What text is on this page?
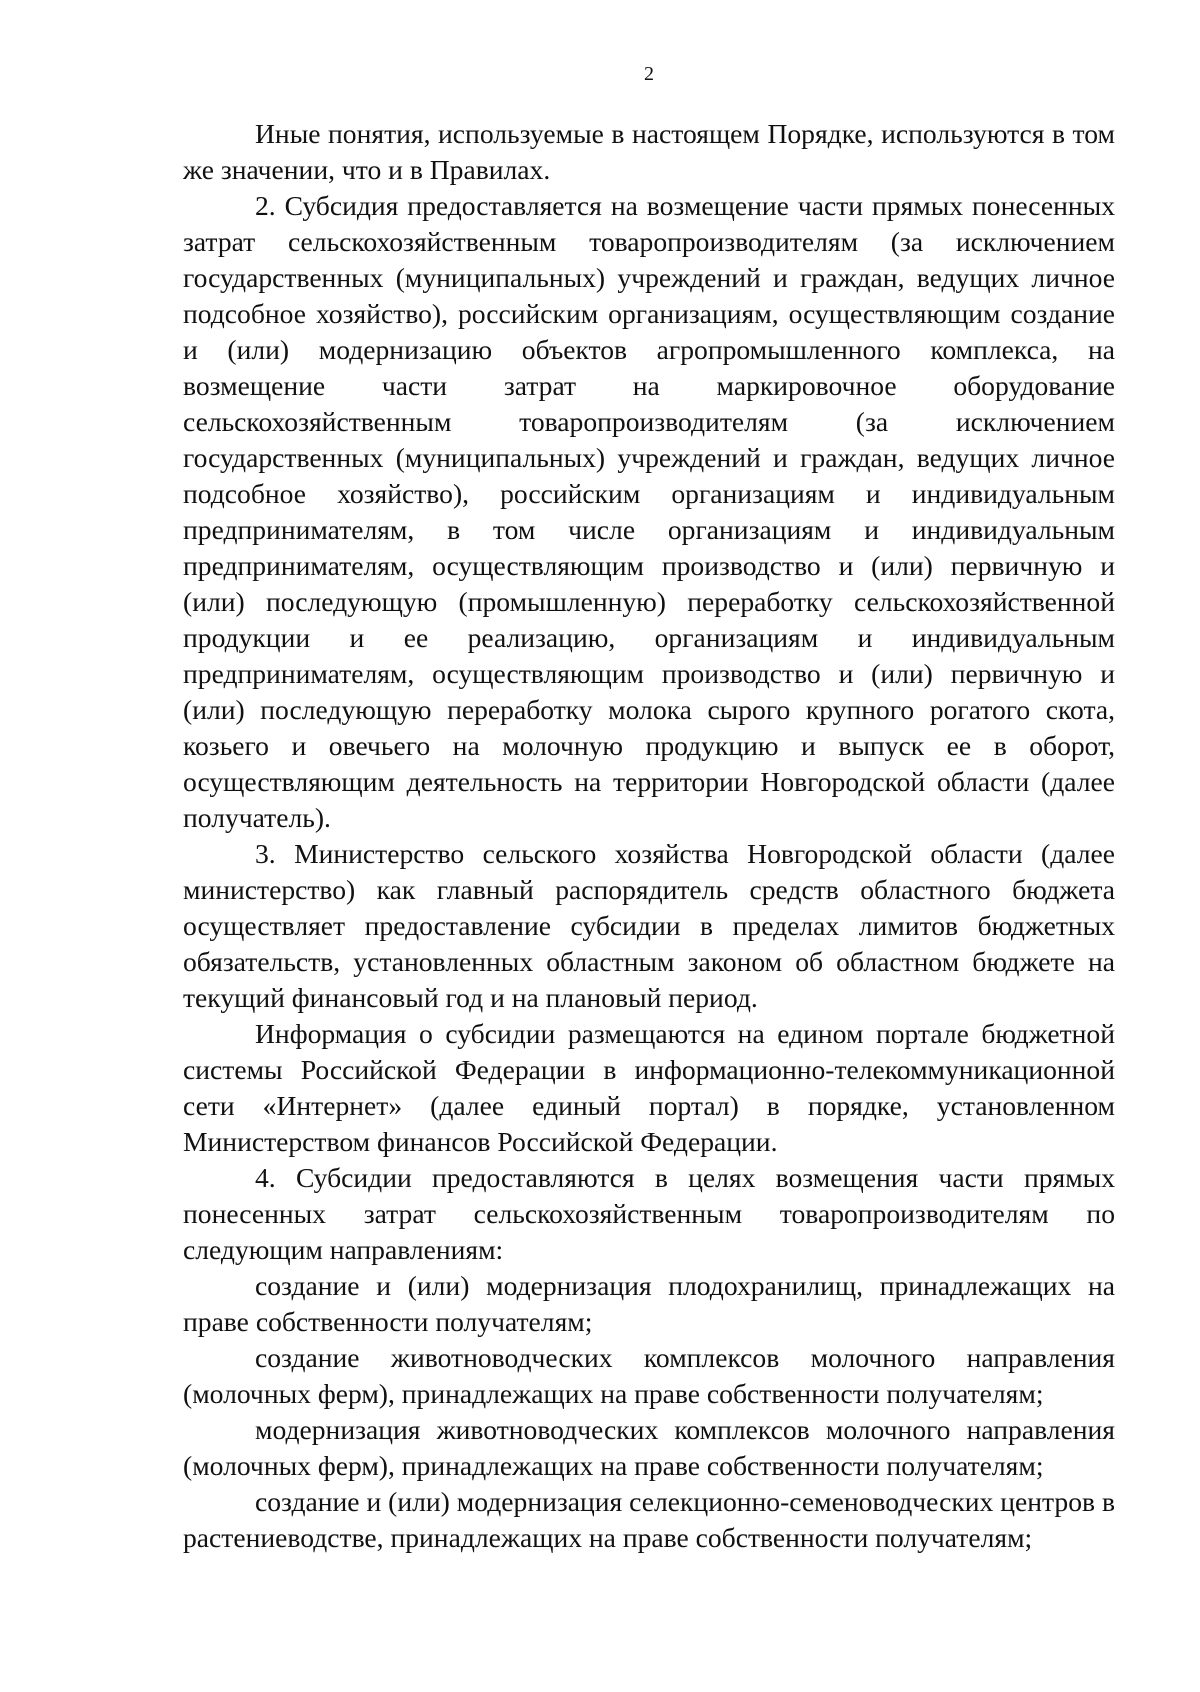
2

Иные понятия, используемые в настоящем Порядке, используются в том же значении, что и в Правилах.

2. Субсидия предоставляется на возмещение части прямых понесенных затрат сельскохозяйственным товаропроизводителям (за исключением государственных (муниципальных) учреждений и граждан, ведущих личное подсобное хозяйство), российским организациям, осуществляющим создание и (или) модернизацию объектов агропромышленного комплекса, на возмещение части затрат на маркировочное оборудование сельскохозяйственным товаропроизводителям (за исключением государственных (муниципальных) учреждений и граждан, ведущих личное подсобное хозяйство), российским организациям и индивидуальным предпринимателям, в том числе организациям и индивидуальным предпринимателям, осуществляющим производство и (или) первичную и (или) последующую (промышленную) переработку сельскохозяйственной продукции и ее реализацию, организациям и индивидуальным предпринимателям, осуществляющим производство и (или) первичную и (или) последующую переработку молока сырого крупного рогатого скота, козьего и овечьего на молочную продукцию и выпуск ее в оборот, осуществляющим деятельность на территории Новгородской области (далее получатель).

3. Министерство сельского хозяйства Новгородской области (далее министерство) как главный распорядитель средств областного бюджета осуществляет предоставление субсидии в пределах лимитов бюджетных обязательств, установленных областным законом об областном бюджете на текущий финансовый год и на плановый период.

Информация о субсидии размещаются на едином портале бюджетной системы Российской Федерации в информационно-телекоммуникационной сети «Интернет» (далее единый портал) в порядке, установленном Министерством финансов Российской Федерации.

4. Субсидии предоставляются в целях возмещения части прямых понесенных затрат сельскохозяйственным товаропроизводителям по следующим направлениям:

создание и (или) модернизация плодохранилищ, принадлежащих на праве собственности получателям;

создание животноводческих комплексов молочного направления (молочных ферм), принадлежащих на праве собственности получателям;

модернизация животноводческих комплексов молочного направления (молочных ферм), принадлежащих на праве собственности получателям;

создание и (или) модернизация селекционно-семеноводческих центров в растениеводстве, принадлежащих на праве собственности получателям;
